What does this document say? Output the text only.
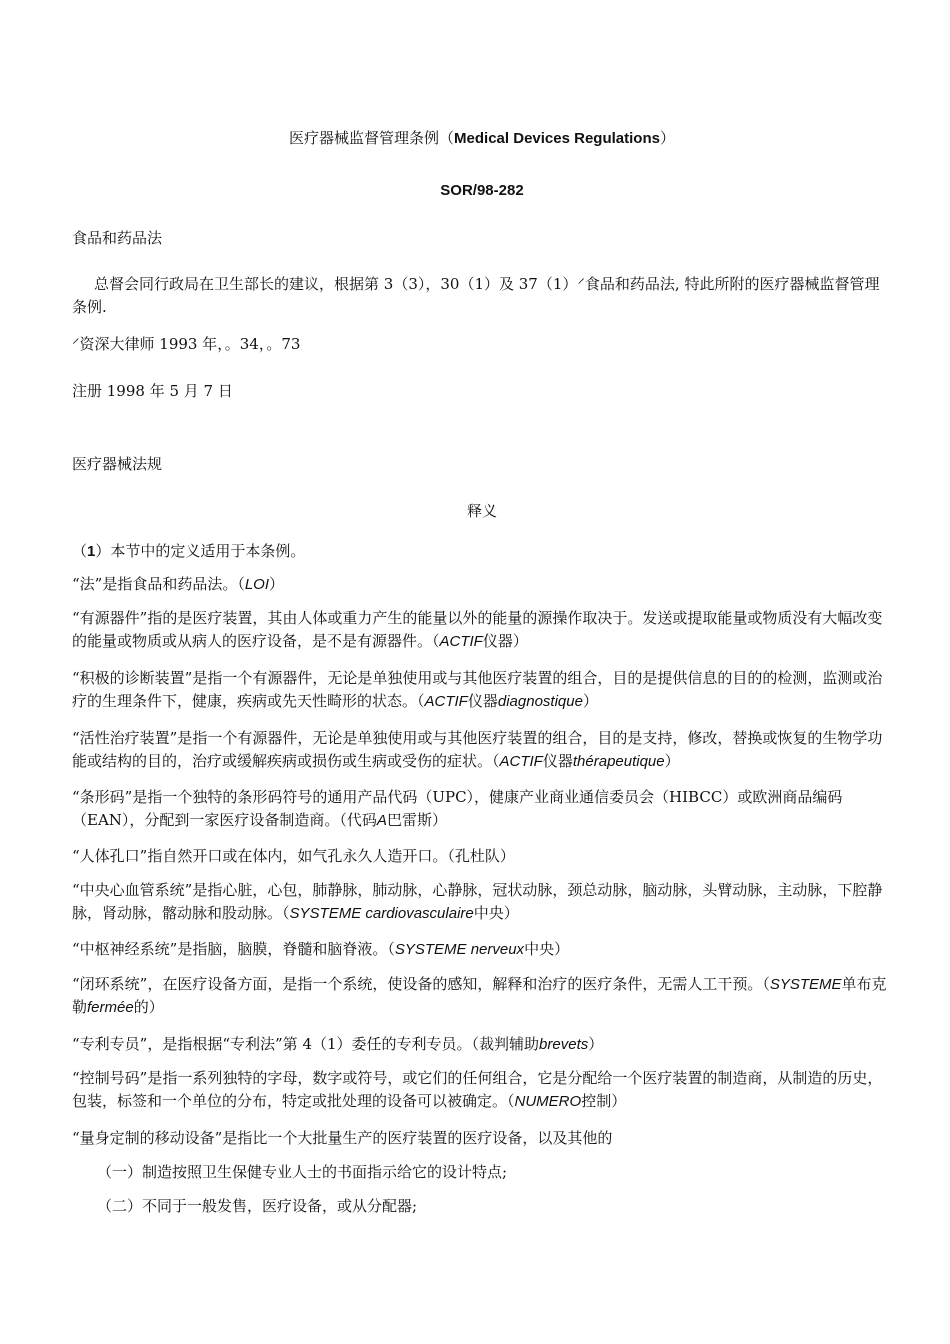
医疗器械监督管理条例（Medical Devices Regulations）

SOR/98-282

食品和药品法

总督会同行政局在卫生部长的建议，根据第 3（3），30（1）及 37（1）⸍食品和药品法, 特此所附的医疗器械监督管理条例.

⸍资深大律师 1993 年，。34，。73

注册 1998 年 5 月 7 日

医疗器械法规

释义

（1）本节中的定义适用于本条例。

“法”是指食品和药品法。（LOI）

“有源器件”指的是医疗装置，其由人体或重力产生的能量以外的能量的源操作取决于。发送或提取能量或物质没有大幅改变的能量或物质或从病人的医疗设备，是不是有源器件。（ACTIF仪器）

“积极的诊断装置”是指一个有源器件，无论是单独使用或与其他医疗装置的组合，目的是提供信息的目的的检测，监测或治疗的生理条件下，健康，疾病或先天性畸形的状态。（ACTIF仪器diagnostique）

“活性治疗装置”是指一个有源器件，无论是单独使用或与其他医疗装置的组合，目的是支持，修改，替换或恢复的生物学功能或结构的目的，治疗或缓解疾病或损伤或生病或受伤的症状。（ACTIF仪器thérapeutique）

“条形码”是指一个独特的条形码符号的通用产品代码（UPC），健康产业商业通信委员会（HIBCC）或欧洲商品编码（EAN），分配到一家医疗设备制造商。（代码A巴雷斯）

“人体孔口”指自然开口或在体内，如气孔永久人造开口。（孔杜队）

“中央心血管系统”是指心脏，心包，肺静脉，肺动脉，心静脉，冠状动脉，颈总动脉，脑动脉，头臂动脉，主动脉，下腔静脉，肾动脉，髂动脉和股动脉。（SYSTEME cardiovasculaire中央）

“中枢神经系统”是指脑，脑膜，脊髓和脑脊液。（SYSTEME nerveux中央）

“闭环系统”，在医疗设备方面，是指一个系统，使设备的感知，解释和治疗的医疗条件，无需人工干预。（SYSTEME单布克勒fermée的）

“专利专员”，是指根据“专利法”第 4（1）委任的专利专员。（裁判辅助brevets）

“控制号码”是指一系列独特的字母，数字或符号，或它们的任何组合，它是分配给一个医疗装置的制造商，从制造的历史，包装，标签和一个单位的分布，特定或批处理的设备可以被确定。（NUMERO控制）

“量身定制的移动设备”是指比一个大批量生产的医疗装置的医疗设备，以及其他的

（一）制造按照卫生保健专业人士的书面指示给它的设计特点;

（二）不同于一般发售，医疗设备，或从分配器;
